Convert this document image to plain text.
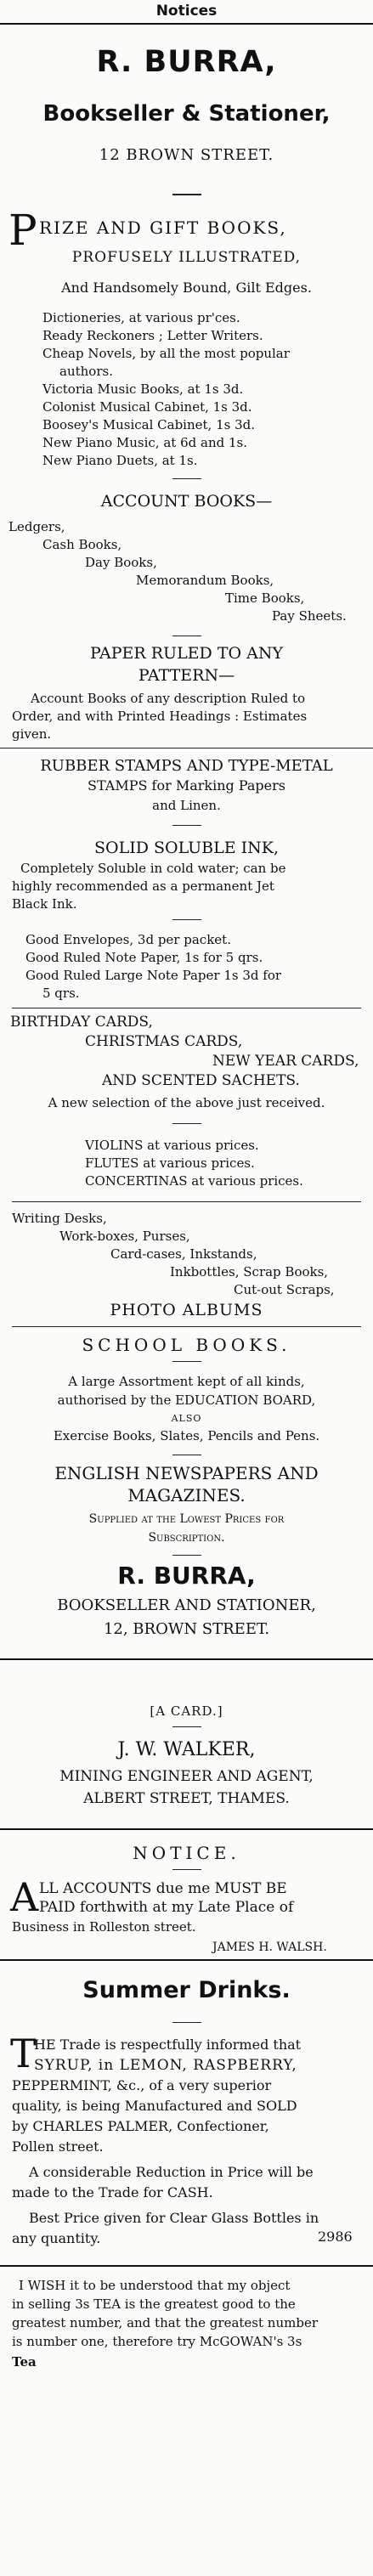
Notices
R. BURRA,
Bookseller & Stationer,
12 BROWN STREET.
P RIZE AND GIFT BOOKS,
PROFUSELY ILLUSTRATED,
And Handsomely Bound, Gilt Edges.
Dictioneries, at various pr'ces.
Ready Reckoners ; Letter Writers.
Cheap Novels, by all the most popular
authors.
Victoria Music Books, at 1s 3d.
Colonist Musical Cabinet, 1s 3d.
Boosey's Musical Cabinet, 1s 3d.
New Piano Music, at 6d and 1s.
New Piano Duets, at 1s.
ACCOUNT BOOKS—
Ledgers,
Cash Books,
Day Books,
Memorandum Books,
Time Books,
Pay Sheets.
PAPER RULED TO ANY
PATTERN—
Account Books of any description Ruled to
Order, and with Printed Headings : Estimates
given.
RUBBER STAMPS AND TYPE-METAL
STAMPS for Marking Papers
and Linen.
SOLID SOLUBLE INK,
Completely Soluble in cold water; can be
highly recommended as a permanent Jet
Black Ink.
Good Envelopes, 3d per packet.
Good Ruled Note Paper, 1s for 5 qrs.
Good Ruled Large Note Paper 1s 3d for
5 qrs.
BIRTHDAY CARDS,
CHRISTMAS CARDS,
NEW YEAR CARDS,
AND SCENTED SACHETS.
A new selection of the above just received.
VIOLINS at various prices.
FLUTES at various prices.
CONCERTINAS at various prices.
Writing Desks,
Work-boxes, Purses,
Card-cases, Inkstands,
Inkbottles, Scrap Books,
Cut-out Scraps,
PHOTO ALBUMS
SCHOOL BOOKS.
A large Assortment kept of all kinds,
authorised by the EDUCATION BOARD,
ALSO
Exercise Books, Slates, Pencils and Pens.
ENGLISH NEWSPAPERS AND
MAGAZINES.
Supplied at the Lowest Prices for
Subscription.
R. BURRA,
BOOKSELLER AND STATIONER,
12, BROWN STREET.
[A CARD.]
J. W. WALKER,
MINING ENGINEER AND AGENT,
ALBERT STREET, THAMES.
NOTICE.
A LL ACCOUNTS due me MUST BE
PAID forthwith at my Late Place of
Business in Rolleston street.
JAMES H. WALSH.
Summer Drinks.
T
HE Trade is respectfully informed that
SYRUP, in LEMON, RASPBERRY,
PEPPERMINT, &c., of a very superior
quality, is being Manufactured and SOLD
by CHARLES PALMER, Confectioner,
Pollen street.
A considerable Reduction in Price will be
made to the Trade for CASH.
Best Price given for Clear Glass Bottles in
any quantity.	2986
I WISH it to be understood that my object
in selling 3s TEA is the greatest good to the
greatest number, and that the greatest number
is number one, therefore try McGOWAN's 3s
Tea
